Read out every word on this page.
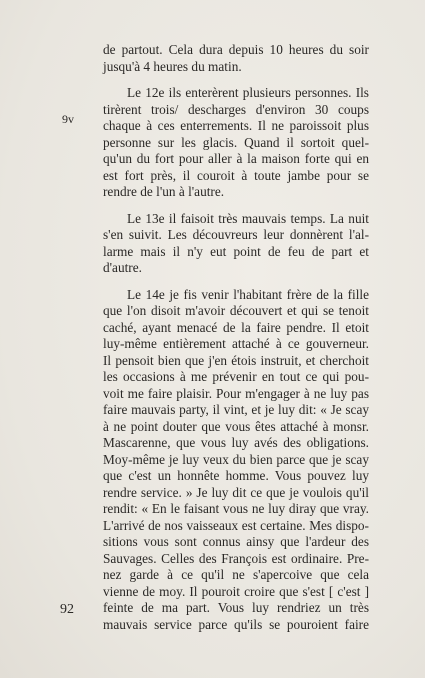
9v

de partout. Cela dura depuis 10 heures du soir
jusqu'à 4 heures du matin.

Le 12e ils enterèrent plusieurs personnes. Ils
tirèrent trois/ descharges d'environ 30 coups
chaque à ces enterrements. Il ne paroissoit plus
personne sur les glacis. Quand il sortoit quel-
qu'un du fort pour aller à la maison forte qui en
est fort près, il couroit à toute jambe pour se
rendre de l'un à l'autre.

Le 13e il faisoit très mauvais temps. La nuit
s'en suivit. Les découvreurs leur donnèrent l'al-
larme mais il n'y eut point de feu de part et
d'autre.

Le 14e je fis venir l'habitant frère de la fille
que l'on disoit m'avoir découvert et qui se tenoit
caché, ayant menacé de la faire pendre. Il etoit
luy-même entièrement attaché à ce gouverneur.
Il pensoit bien que j'en étois instruit, et cherchoit
les occasions à me prévenir en tout ce qui pou-
voit me faire plaisir. Pour m'engager à ne luy pas
faire mauvais party, il vint, et je luy dit: « Je scay
à ne point douter que vous êtes attaché à monsr.
Mascarenne, que vous luy avés des obligations.
Moy-même je luy veux du bien parce que je scay
que c'est un honnête homme. Vous pouvez luy
rendre service. » Je luy dit ce que je voulois qu'il
rendit: « En le faisant vous ne luy diray que vray.
L'arrivé de nos vaisseaux est certaine. Mes dispo-
sitions vous sont connus ainsy que l'ardeur des
Sauvages. Celles des François est ordinaire. Pre-
nez garde à ce qu'il ne s'apercoive que cela
vienne de moy. Il pouroit croire que s'est [ c'est ]
feinte de ma part. Vous luy rendriez un très
mauvais service parce qu'ils se pouroient faire

92
